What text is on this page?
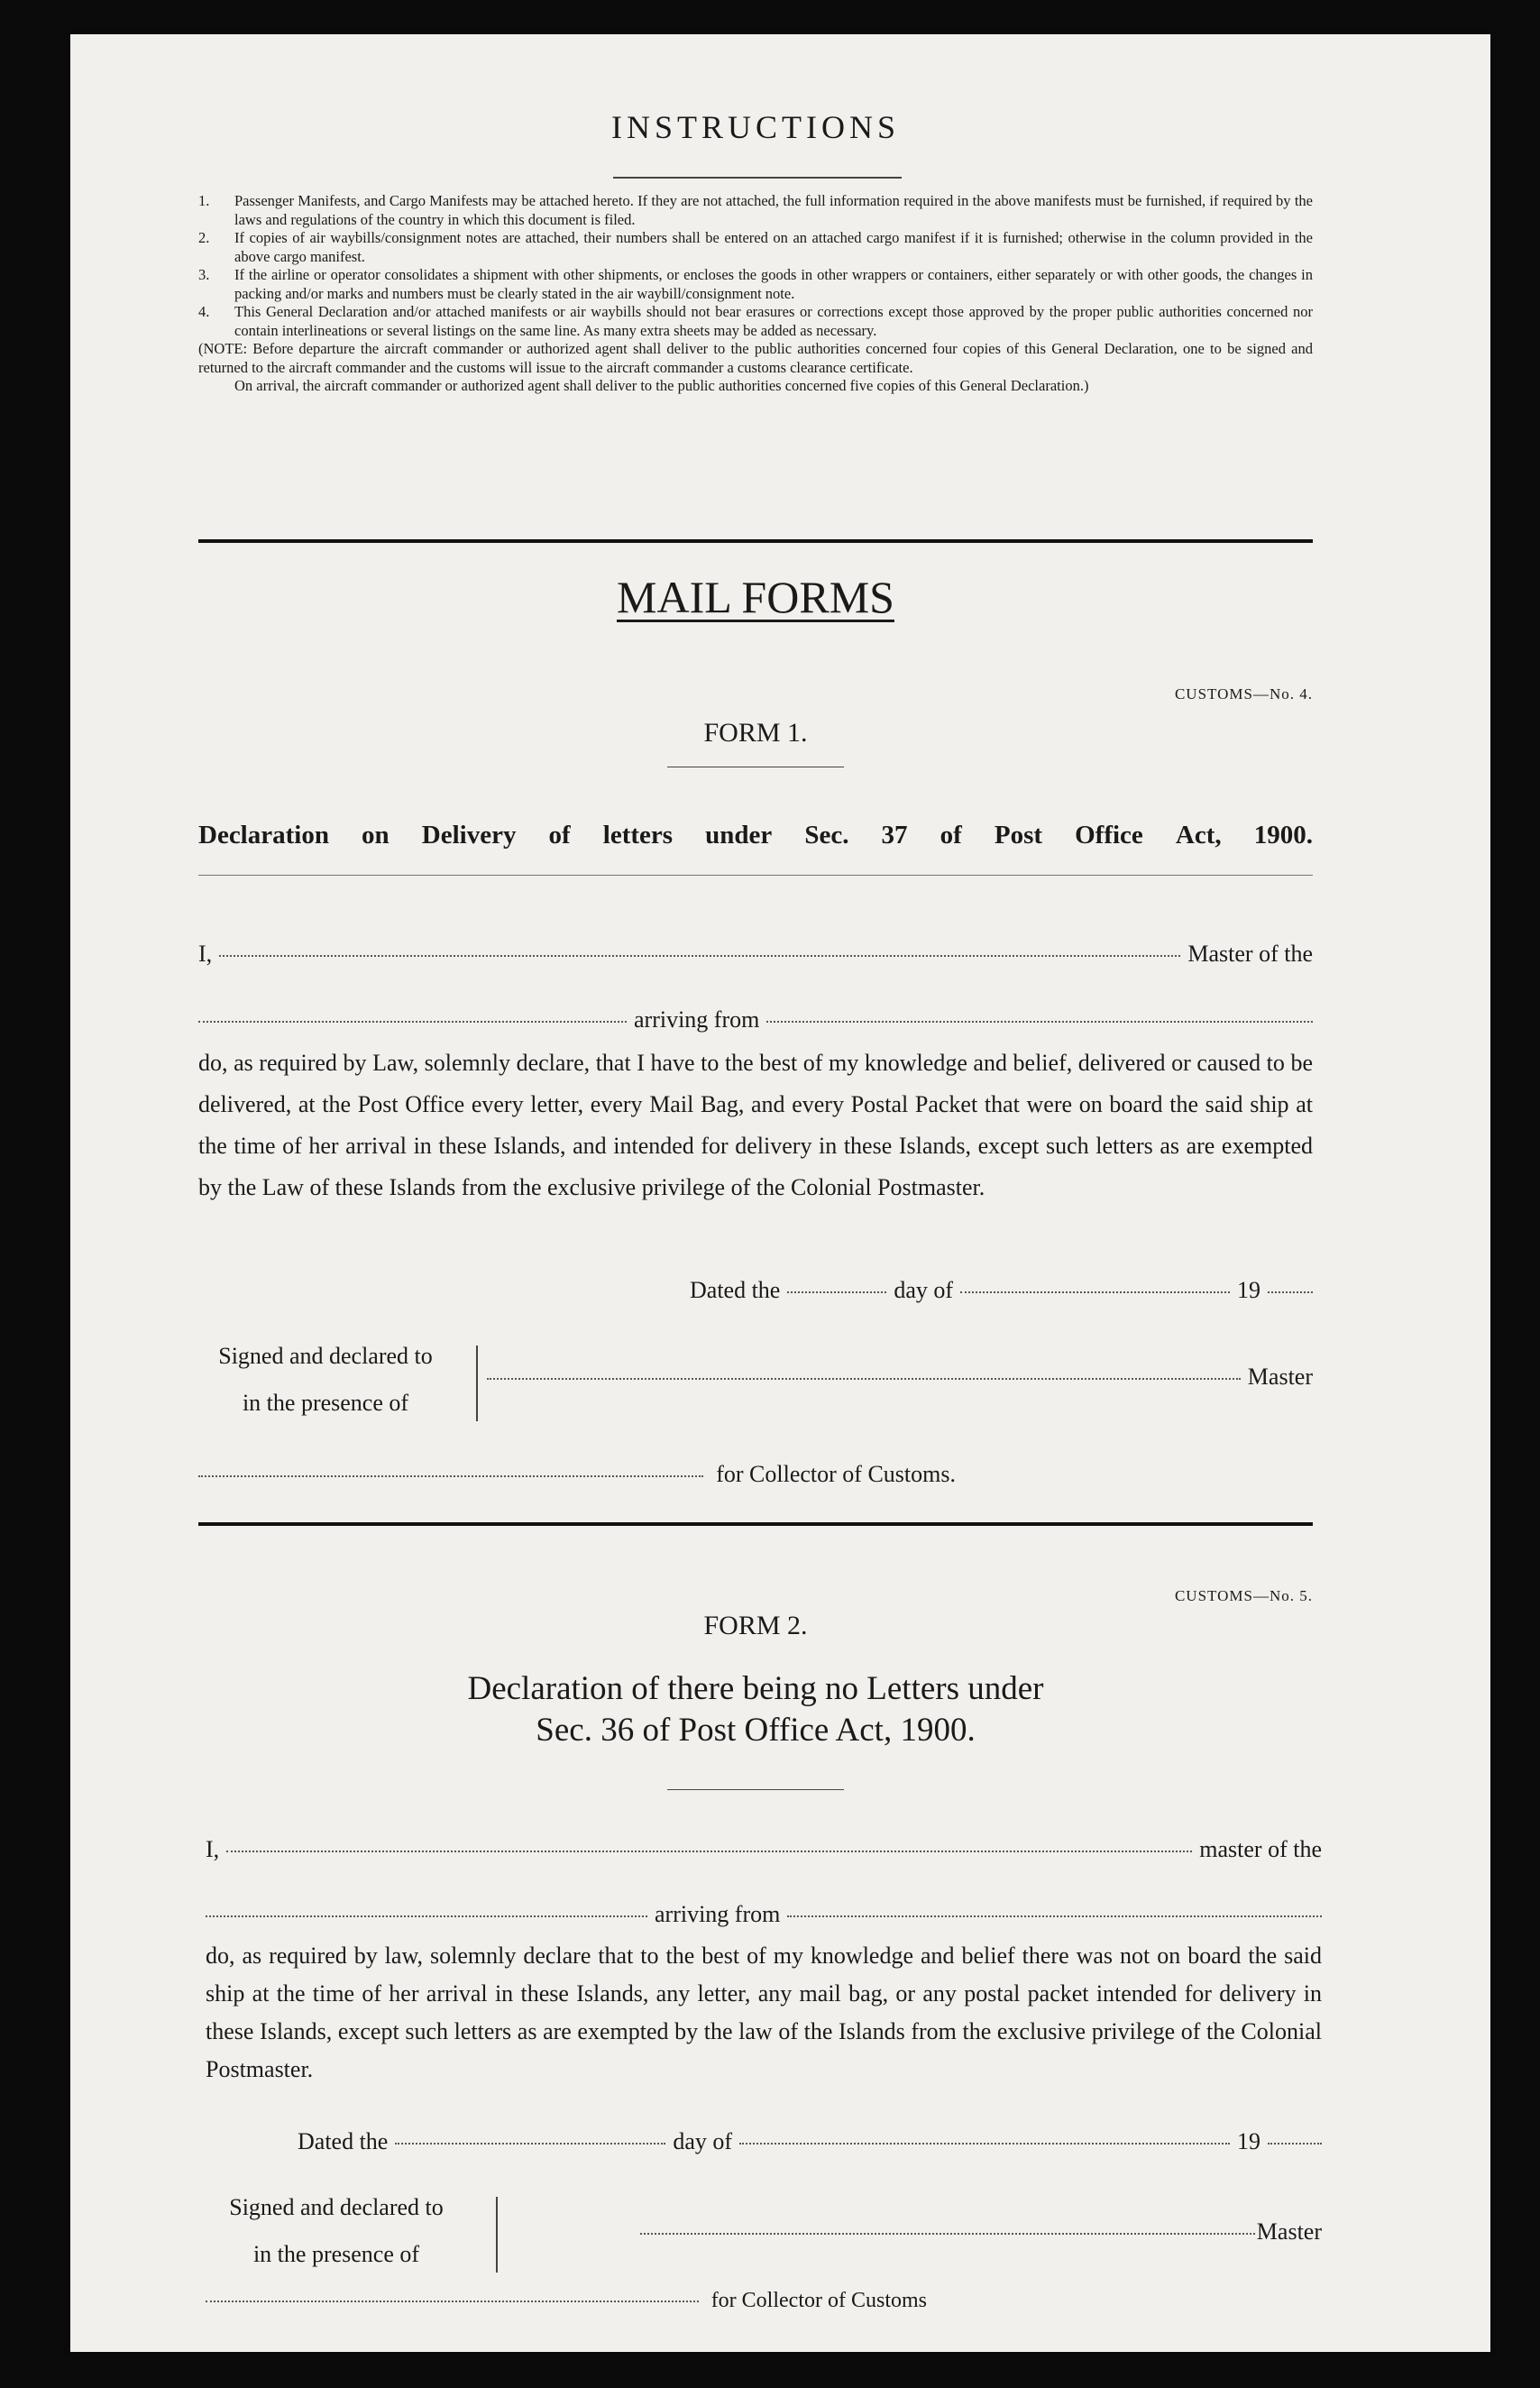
INSTRUCTIONS
1.	Passenger Manifests, and Cargo Manifests may be attached hereto. If they are not attached, the full information required in the above manifests must be furnished, if required by the laws and regulations of the country in which this document is filed.
2.	If copies of air waybills/consignment notes are attached, their numbers shall be entered on an attached cargo manifest if it is furnished; otherwise in the column provided in the above cargo manifest.
3.	If the airline or operator consolidates a shipment with other shipments, or encloses the goods in other wrappers or containers, either separately or with other goods, the changes in packing and/or marks and numbers must be clearly stated in the air waybill/consignment note.
4.	This General Declaration and/or attached manifests or air waybills should not bear erasures or corrections except those approved by the proper public authorities concerned nor contain interlineations or several listings on the same line. As many extra sheets may be added as necessary.
(NOTE: Before departure the aircraft commander or authorized agent shall deliver to the public authorities concerned four copies of this General Declaration, one to be signed and returned to the aircraft commander and the customs will issue to the aircraft commander a customs clearance certificate.
On arrival, the aircraft commander or authorized agent shall deliver to the public authorities concerned five copies of this General Declaration.)
MAIL FORMS
CUSTOMS—No. 4.
FORM 1.
Declaration on Delivery of letters under Sec. 37 of Post Office Act, 1900.
I,	Master of the
arriving from
do, as required by Law, solemnly declare, that I have to the best of my knowledge and belief, delivered or caused to be delivered, at the Post Office every letter, every Mail Bag, and every Postal Packet that were on board the said ship at the time of her arrival in these Islands, and intended for delivery in these Islands, except such letters as are exempted by the Law of these Islands from the exclusive privilege of the Colonial Postmaster.
Dated the	day of	19
Signed and declared to
in the presence of
Master
for Collector of Customs.
CUSTOMS—No. 5.
FORM 2.
Declaration of there being no Letters under
Sec. 36 of Post Office Act, 1900.
I,	master of the
arriving from
do, as required by law, solemnly declare that to the best of my knowledge and belief there was not on board the said ship at the time of her arrival in these Islands, any letter, any mail bag, or any postal packet intended for delivery in these Islands, except such letters as are exempted by the law of the Islands from the exclusive privilege of the Colonial Postmaster.
Dated the	day of	19
Signed and declared to
in the presence of
Master
for Collector of Customs
